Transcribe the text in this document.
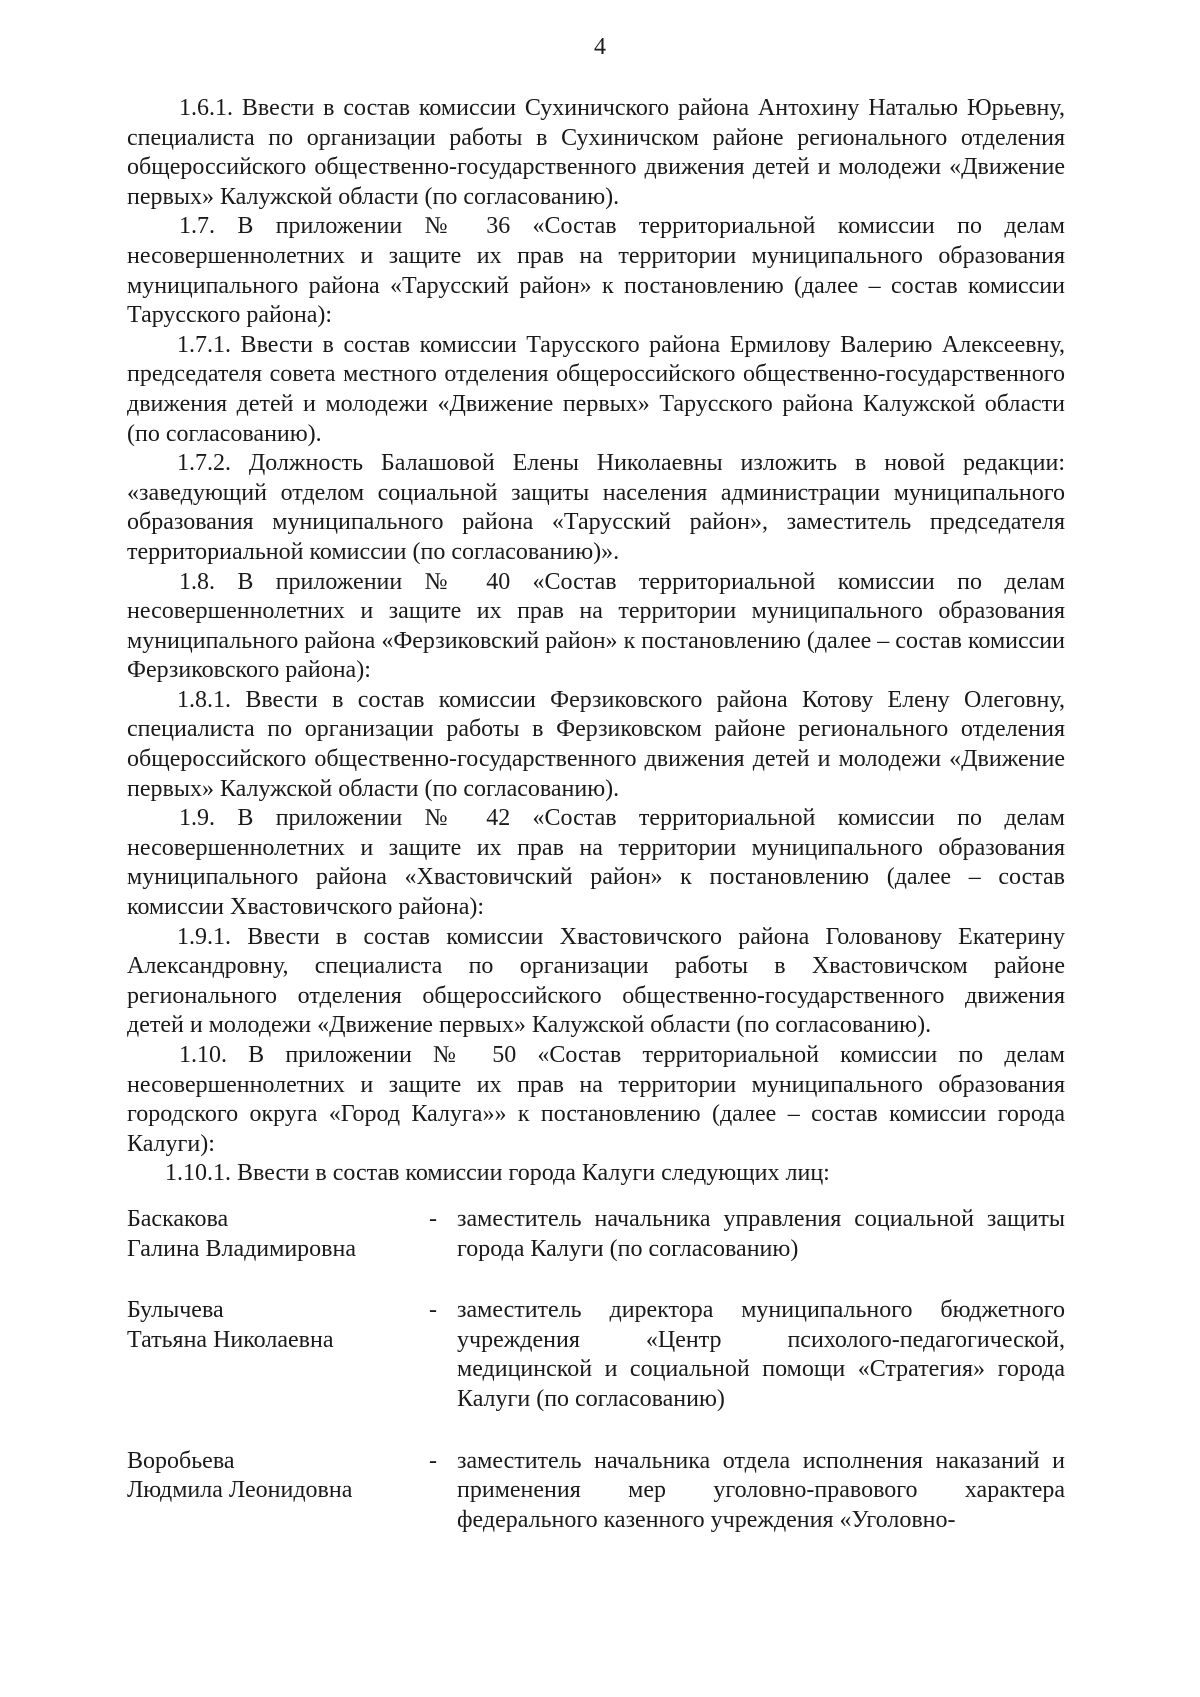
4

1.6.1. Ввести в состав комиссии Сухиничского района Антохину Наталью Юрьевну, специалиста по организации работы в Сухиничском районе регионального отделения общероссийского общественно-государственного движения детей и молодежи «Движение первых» Калужской области (по согласованию).

1.7. В приложении № 36 «Состав территориальной комиссии по делам несовершеннолетних и защите их прав на территории муниципального образования муниципального района «Тарусский район» к постановлению (далее – состав комиссии Тарусского района):

1.7.1. Ввести в состав комиссии Тарусского района Ермилову Валерию Алексеевну, председателя совета местного отделения общероссийского общественно-государственного движения детей и молодежи «Движение первых» Тарусского района Калужской области (по согласованию).

1.7.2. Должность Балашовой Елены Николаевны изложить в новой редакции: «заведующий отделом социальной защиты населения администрации муниципального образования муниципального района «Тарусский район», заместитель председателя территориальной комиссии (по согласованию)».

1.8. В приложении № 40 «Состав территориальной комиссии по делам несовершеннолетних и защите их прав на территории муниципального образования муниципального района «Ферзиковский район» к постановлению (далее – состав комиссии Ферзиковского района):

1.8.1. Ввести в состав комиссии Ферзиковского района Котову Елену Олеговну, специалиста по организации работы в Ферзиковском районе регионального отделения общероссийского общественно-государственного движения детей и молодежи «Движение первых» Калужской области (по согласованию).

1.9. В приложении № 42 «Состав территориальной комиссии по делам несовершеннолетних и защите их прав на территории муниципального образования муниципального района «Хвастовичский район» к постановлению (далее – состав комиссии Хвастовичского района):

1.9.1. Ввести в состав комиссии Хвастовичского района Голованову Екатерину Александровну, специалиста по организации работы в Хвастовичском районе регионального отделения общероссийского общественно-государственного движения детей и молодежи «Движение первых» Калужской области (по согласованию).

1.10. В приложении № 50 «Состав территориальной комиссии по делам несовершеннолетних и защите их прав на территории муниципального образования городского округа «Город Калуга»» к постановлению (далее – состав комиссии города Калуги):

1.10.1. Ввести в состав комиссии города Калуги следующих лиц:

Баскакова
Галина Владимировна
- заместитель начальника управления социальной защиты города Калуги (по согласованию)
Булычева
Татьяна Николаевна
- заместитель директора муниципального бюджетного учреждения «Центр психолого-педагогической, медицинской и социальной помощи «Стратегия» города Калуги (по согласованию)
Воробьева
Людмила Леонидовна
- заместитель начальника отдела исполнения наказаний и применения мер уголовно-правового характера федерального казенного учреждения «Уголовно-
